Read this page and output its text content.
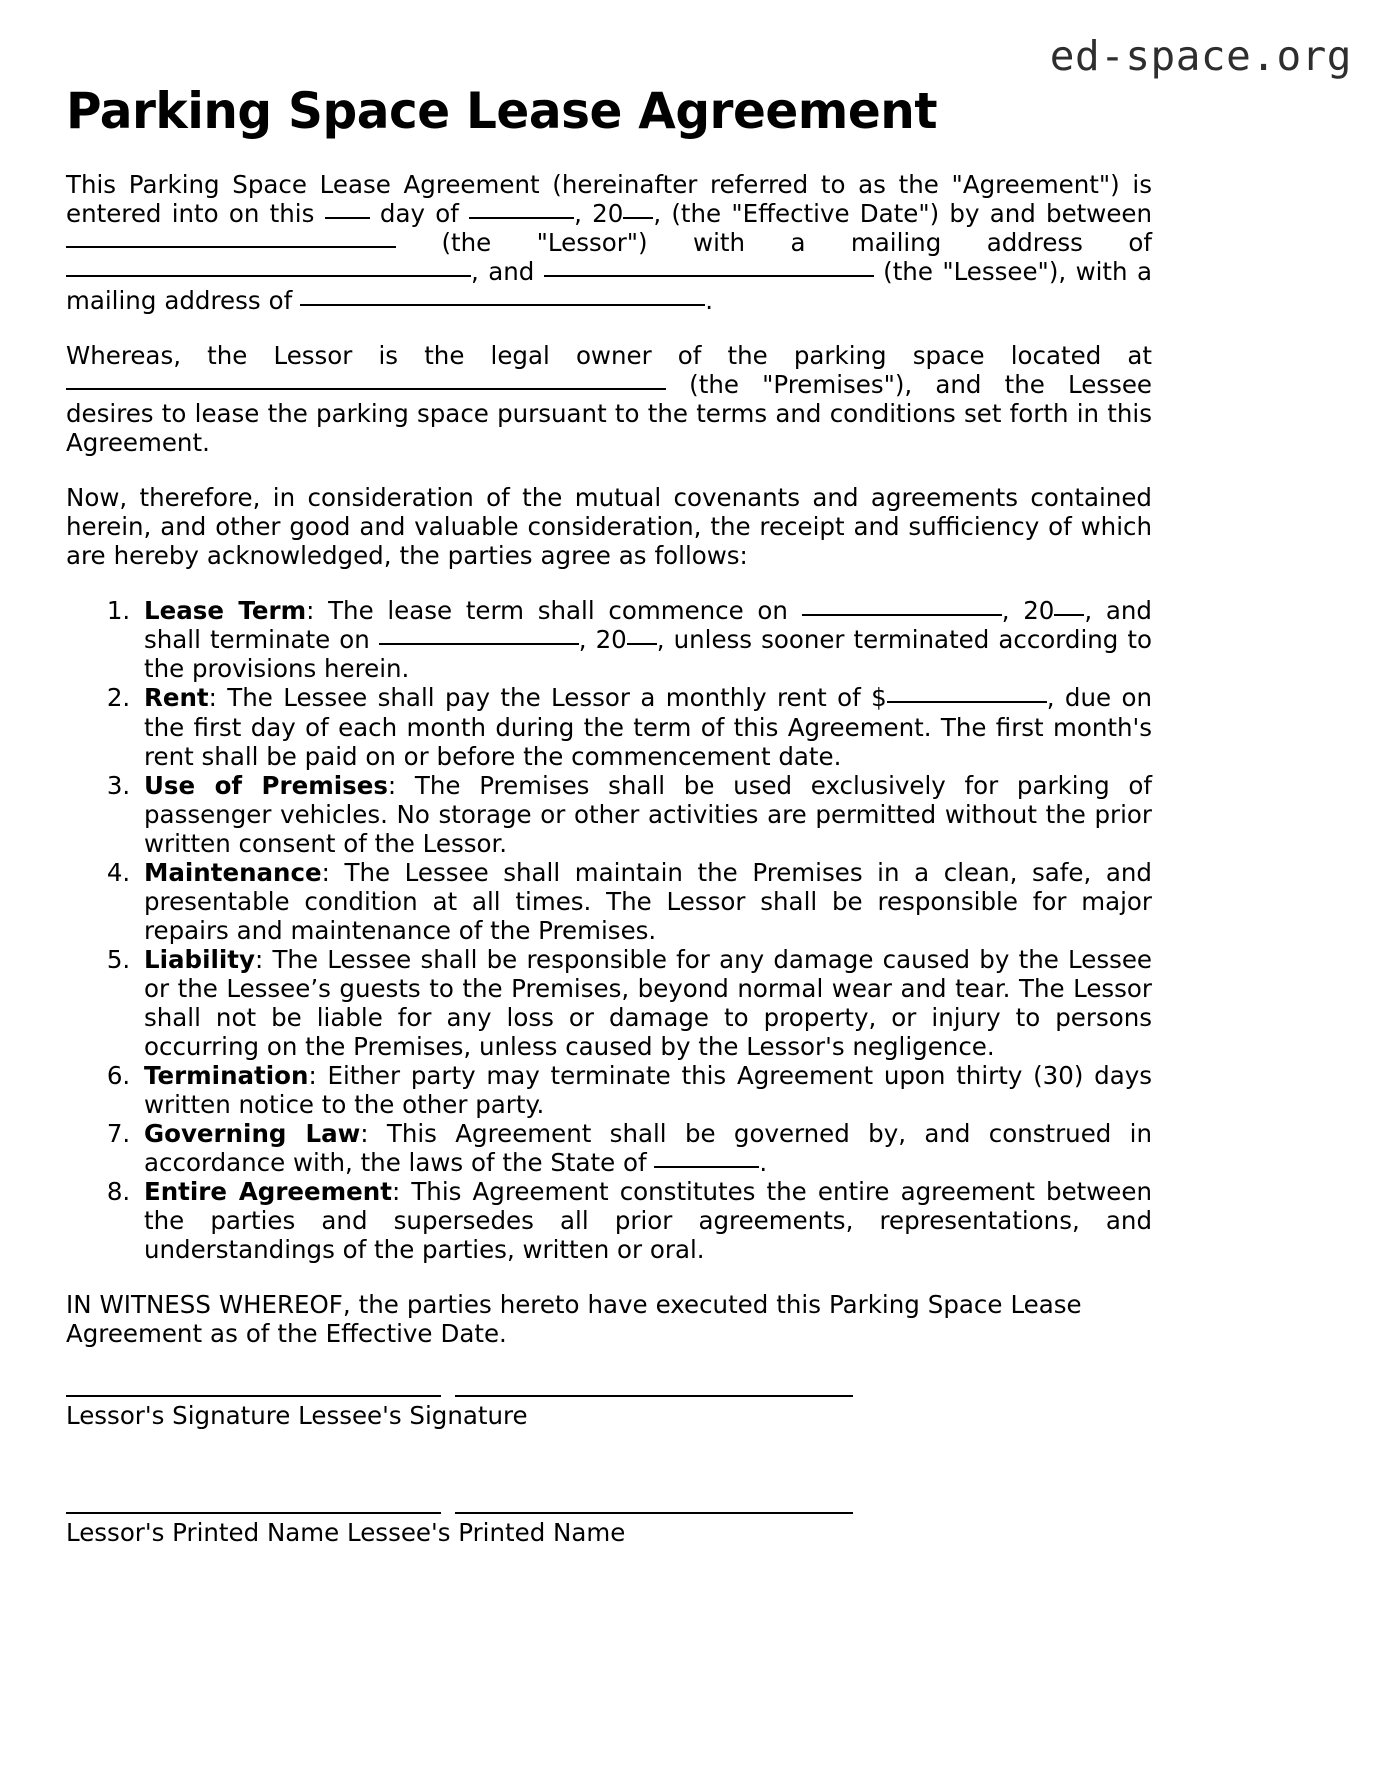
ed-space.org
Parking Space Lease Agreement

This Parking Space Lease Agreement (hereinafter referred to as the "Agreement") is entered into on this	day of	, 20 , (the "Effective Date") by and between  (the "Lessor") with a mailing address of , and	(the "Lessee"), with a mailing address of	.

Whereas, the Lessor is the legal owner of the parking space located at  (the "Premises"), and the Lessee desires to lease the parking space pursuant to the terms and conditions set forth in this Agreement.

Now, therefore, in consideration of the mutual covenants and agreements contained herein, and other good and valuable consideration, the receipt and sufficiency of which are hereby acknowledged, the parties agree as follows:

1. Lease Term: The lease term shall commence on	, 20 , and shall terminate on	, 20 , unless sooner terminated according to the provisions herein.
2. Rent: The Lessee shall pay the Lessor a monthly rent of $	, due on the first day of each month during the term of this Agreement. The first month's rent shall be paid on or before the commencement date.
3. Use of Premises: The Premises shall be used exclusively for parking of passenger vehicles. No storage or other activities are permitted without the prior written consent of the Lessor.
4. Maintenance: The Lessee shall maintain the Premises in a clean, safe, and presentable condition at all times. The Lessor shall be responsible for major repairs and maintenance of the Premises.
5. Liability: The Lessee shall be responsible for any damage caused by the Lessee or the Lessee’s guests to the Premises, beyond normal wear and tear. The Lessor shall not be liable for any loss or damage to property, or injury to persons occurring on the Premises, unless caused by the Lessor's negligence.
6. Termination: Either party may terminate this Agreement upon thirty (30) days written notice to the other party.
7. Governing Law: This Agreement shall be governed by, and construed in accordance with, the laws of the State of	.
8. Entire Agreement: This Agreement constitutes the entire agreement between the parties and supersedes all prior agreements, representations, and understandings of the parties, written or oral.

IN WITNESS WHEREOF, the parties hereto have executed this Parking Space Lease Agreement as of the Effective Date.

Lessor's Signature Lessee's Signature
Lessor's Printed Name Lessee's Printed Name
